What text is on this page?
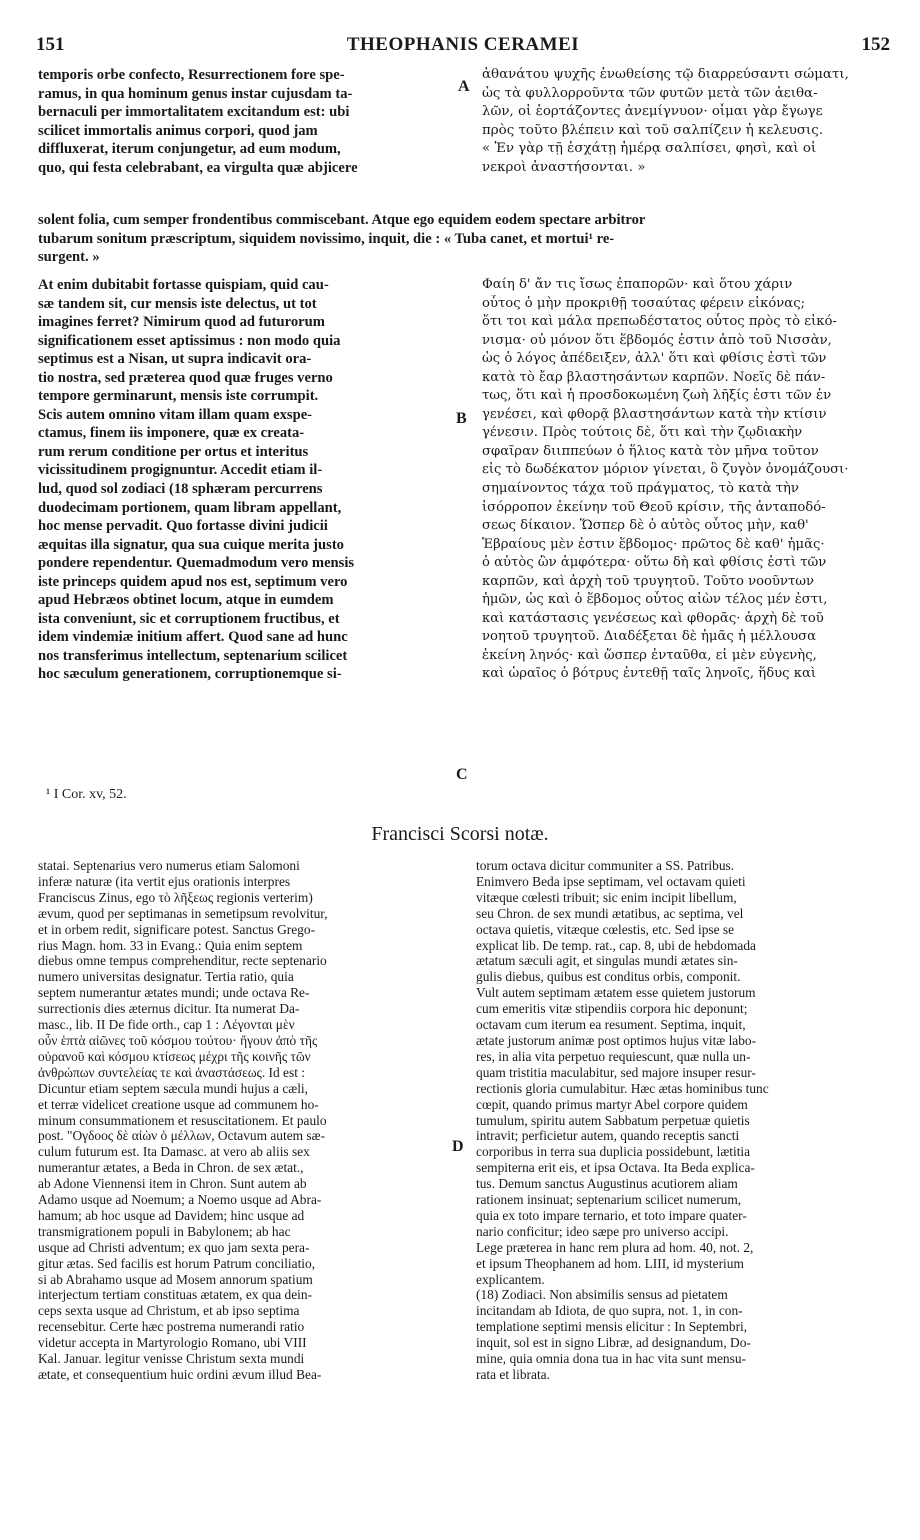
151	THEOPHANIS CERAMEI	152
temporis orbe confecto, Resurrectionem fore spe-
ramus, in qua hominum genus instar cujusdam ta-
bernaculi per immortalitatem excitandum est: ubi
scilicet immortalis animus corpori, quod jam
diffluxerat, iterum conjungetur, ad eum modum,
quo, qui festa celebrabant, ea virgulta quæ abjicere
ἀθανάτου ψυχῆς ἐνωθείσης τῷ διαρρεύσαντι σώματι,
ὡς τὰ φυλλορροῦντα τῶν φυτῶν μετὰ τῶν ἀειθα-
λῶν, οἱ ἑορτάζοντες ἀνεμίγνυον· οἶμαι γὰρ ἔγωγε
πρὸς τοῦτο βλέπειν καὶ τοῦ σαλπίζειν ἡ κελευσις.
« Ἐν γὰρ τῇ ἐσχάτῃ ἡμέρᾳ σαλπίσει, φησὶ, καὶ οἱ
νεκροὶ ἀναστήσονται. »
A
solent folia, cum semper frondentibus commiscebant. Atque ego equidem eodem spectare arbitror
tubarum sonitum præscriptum, siquidem novissimo, inquit, die : « Tuba canet, et mortui¹ re-
surgent. »
At enim dubitabit fortasse quispiam, quid cau-
sæ tandem sit, cur mensis iste delectus, ut tot
imagines ferret? Nimirum quod ad futurorum
significationem esset aptissimus : non modo quia
septimus est a Nisan, ut supra indicavit ora-
tio nostra, sed præterea quod quæ fruges verno
tempore germinarunt, mensis iste corrumpit.
Scis autem omnino vitam illam quam exspe-
ctamus, finem iis imponere, quæ ex creata-
rum rerum conditione per ortus et interitus
vicissitudinem progignuntur. Accedit etiam il-
lud, quod sol zodiaci (18 sphæram percurrens
duodecimam portionem, quam libram appellant,
hoc mense pervadit. Quo fortasse divini judicii
æquitas illa signatur, qua sua cuique merita justo
pondere rependentur. Quemadmodum vero mensis
iste princeps quidem apud nos est, septimum vero
apud Hebræos obtinet locum, atque in eumdem
ista conveniunt, sic et corruptionem fructibus, et
idem vindemiæ initium affert. Quod sane ad hunc
nos transferimus intellectum, septenarium scilicet
hoc sæculum generationem, corruptionemque si-
Φαίη δ' ἄν τις ἴσως ἐπαπορῶν· καὶ ὅτου χάριν
οὗτος ὁ μὴν προκριθῇ τοσαύτας φέρειν εἰκόνας;
ὅτι τοι καὶ μάλα πρεπωδέστατος οὗτος πρὸς τὸ εἰκό-
νισμα· οὐ μόνον ὅτι ἕβδομός ἐστιν ἀπὸ τοῦ Νισσὰν,
ὡς ὁ λόγος ἀπέδειξεν, ἀλλ' ὅτι καὶ φθίσις ἐστὶ τῶν
κατὰ τὸ ἔαρ βλαστησάντων καρπῶν. Νοεῖς δὲ πάν-
τως, ὅτι καὶ ἡ προσδοκωμένη ζωὴ λῆξίς ἐστι τῶν ἐν
γενέσει, καὶ φθορᾷ βλαστησάντων κατὰ τὴν κτίσιν
γένεσιν. Πρὸς τούτοις δὲ, ὅτι καὶ τὴν ζῳδιακὴν
σφαῖραν διιππεύων ὁ ἥλιος κατὰ τὸν μῆνα τοῦτον
εἰς τὸ δωδέκατον μόριον γίνεται, ὃ ζυγὸν ὀνομάζουσι·
σημαίνοντος τάχα τοῦ πράγματος, τὸ κατὰ τὴν
ἰσόρροπον ἐκείνην τοῦ Θεοῦ κρίσιν, τῆς ἀνταποδό-
σεως δίκαιον. Ὥσπερ δὲ ὁ αὐτὸς οὗτος μὴν, καθ'
Ἑβραίους μὲν ἐστιν ἕβδομος· πρῶτος δὲ καθ' ἡμᾶς·
ὁ αὐτὸς ὢν ἀμφότερα· οὕτω δὴ καὶ φθίσις ἐστὶ τῶν
καρπῶν, καὶ ἀρχὴ τοῦ τρυγητοῦ. Τοῦτο νοοῦντων
ἡμῶν, ὡς καὶ ὁ ἕβδομος οὗτος αἰὼν τέλος μέν ἐστι,
καὶ κατάστασις γενέσεως καὶ φθορᾶς· ἀρχὴ δὲ τοῦ
νοητοῦ τρυγητοῦ. Διαδέξεται δὲ ἡμᾶς ἡ μέλλουσα
ἐκείνη ληνός· καὶ ὥσπερ ἐνταῦθα, εἰ μὲν εὐγενὴς,
καὶ ὡραῖος ὁ βότρυς ἐντεθῇ ταῖς ληνοῖς, ἥδυς καὶ
B
C
¹ I Cor. xv, 52.
Francisci Scorsi notæ.
statai. Septenarius vero numerus etiam Salomoni
inferæ naturæ (ita vertit ejus orationis interpres
Franciscus Zinus, ego τὸ λῆξεως regionis verterim)
ævum, quod per septimanas in semetipsum revolvitur,
et in orbem redit, significare potest. Sanctus Grego-
rius Magn. hom. 33 in Evang.: Quia enim septem
diebus omne tempus comprehenditur, recte septenario
numero universitas designatur. Tertia ratio, quia
septem numerantur ætates mundi; unde octava Re-
surrectionis dies æternus dicitur. Ita numerat Da-
masc., lib. II De fide orth., cap 1 : Λέγονται μὲν
οὖν ἑπτὰ αἰῶνες τοῦ κόσμου τούτου· ἤγουν ἀπὸ τῆς
οὐρανοῦ καὶ κόσμου κτίσεως μέχρι τῆς κοινῆς τῶν
ἀνθρώπων συντελείας τε καὶ ἀναστάσεως. Id est :
Dicuntur etiam septem sæcula mundi hujus a cæli,
et terræ videlicet creatione usque ad communem ho-
minum consummationem et resuscitationem. Et paulo
post. "Ογδοος δὲ αἰὼν ὁ μέλλων, Octavum autem sæ-
culum futurum est. Ita Damasc. at vero ab aliis sex
numerantur ætates, a Beda in Chron. de sex ætat.,
ab Adone Viennensi item in Chron. Sunt autem ab
Adamo usque ad Noemum; a Noemo usque ad Abra-
hamum; ab hoc usque ad Davidem; hinc usque ad
transmigrationem populi in Babylonem; ab hac
usque ad Christi adventum; ex quo jam sexta pera-
gitur ætas. Sed facilis est horum Patrum conciliatio,
si ab Abrahamo usque ad Mosem annorum spatium
interjectum tertiam constituas ætatem, ex qua dein-
ceps sexta usque ad Christum, et ab ipso septima
recensebitur. Certe hæc postrema numerandi ratio
videtur accepta in Martyrologio Romano, ubi VIII
Kal. Januar. legitur venisse Christum sexta mundi
ætate, et consequentium huic ordini ævum illud Bea-
D
torum octava dicitur communiter a SS. Patribus.
Enimvero Beda ipse septimam, vel octavam quieti
vitæque cœlesti tribuit; sic enim incipit libellum,
seu Chron. de sex mundi ætatibus, ac septima, vel
octava quietis, vitæque cœlestis, etc. Sed ipse se
explicat lib. De temp. rat., cap. 8, ubi de hebdomada
ætatum sæculi agit, et singulas mundi ætates sin-
gulis diebus, quibus est conditus orbis, componit.
Vult autem septimam ætatem esse quietem justorum
cum emeritis vitæ stipendiis corpora hic deponunt;
octavam cum iterum ea resument. Septima, inquit,
ætate justorum animæ post optimos hujus vitæ labo-
res, in alia vita perpetuo requiescunt, quæ nulla un-
quam tristitia maculabitur, sed majore insuper resur-
rectionis gloria cumulabitur. Hæc ætas hominibus tunc
cœpit, quando primus martyr Abel corpore quidem
tumulum, spiritu autem Sabbatum perpetuæ quietis
intravit; perficietur autem, quando receptis sancti
corporibus in terra sua duplicia possidebunt, lætitia
sempiterna erit eis, et ipsa Octava. Ita Beda explica-
tus. Demum sanctus Augustinus acutiorem aliam
rationem insinuat; septenarium scilicet numerum,
quia ex toto impare ternario, et toto impare quater-
nario conficitur; ideo sæpe pro universo accipi.
Lege præterea in hanc rem plura ad hom. 40, not. 2,
et ipsum Theophanem ad hom. LIII, id mysterium
explicantem.
(18) Zodiaci. Non absimilis sensus ad pietatem
incitandam ab Idiota, de quo supra, not. 1, in con-
templatione septimi mensis elicitur : In Septembri,
inquit, sol est in signo Libræ, ad designandum, Do-
mine, quia omnia dona tua in hac vita sunt mensu-
rata et librata.
